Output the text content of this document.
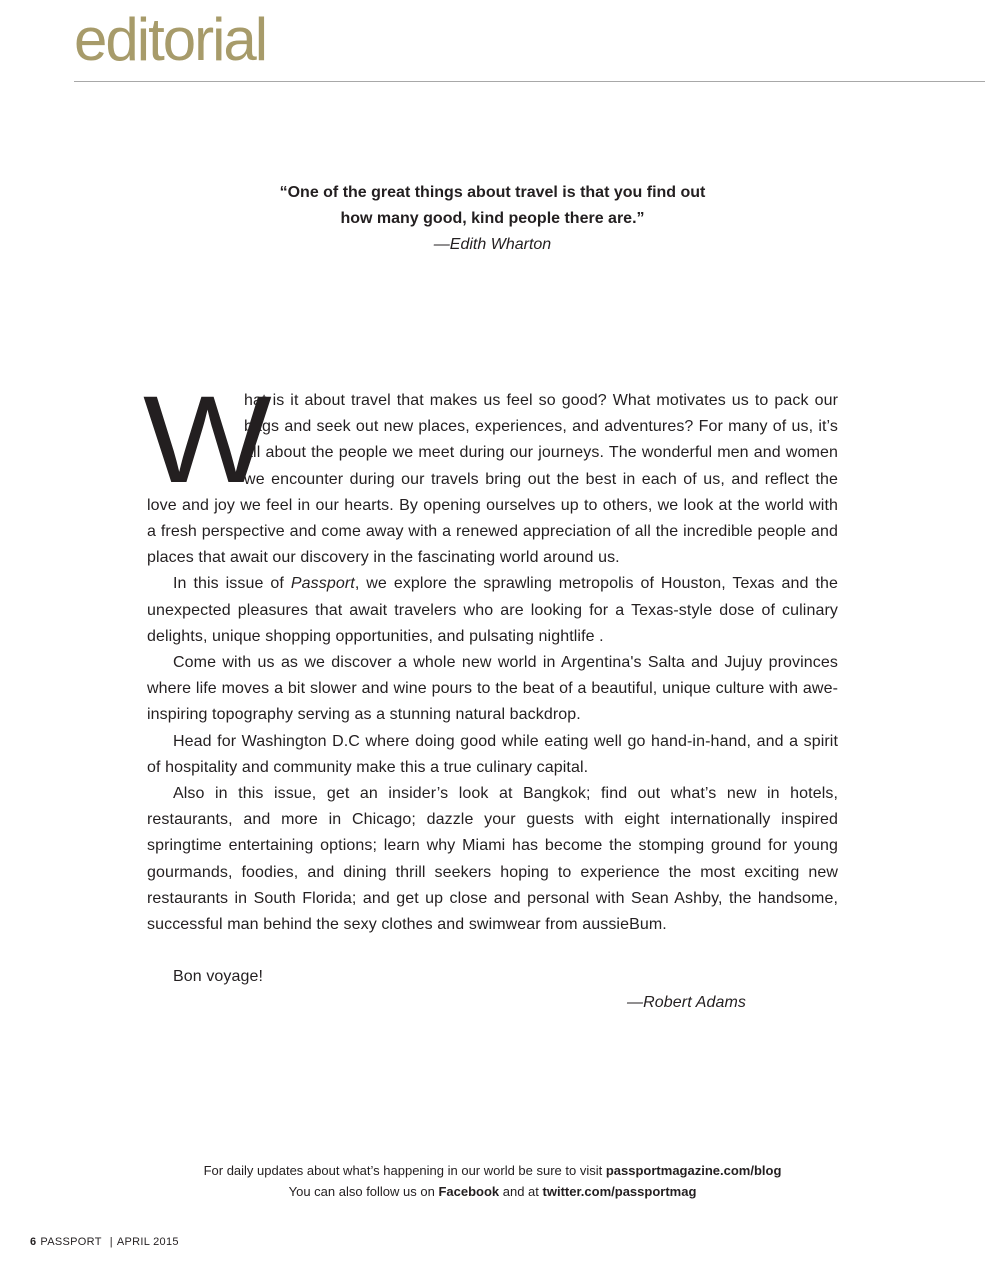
editorial
“One of the great things about travel is that you find out
how many good, kind people there are.”
—Edith Wharton

W
hat is it about travel that makes us feel so good? What motivates us to pack our bags and seek out new places, experiences, and adventures? For many of us, it’s all about the people we meet during our journeys. The wonderful men and women we encounter during our travels bring out the best in each of us, and reflect the love and joy we feel in our hearts. By opening ourselves up to others, we look at the world with a fresh perspective and come away with a renewed appreciation of all the incredible people and places that await our discovery in the fascinating world around us.

In this issue of Passport, we explore the sprawling metropolis of Houston, Texas and the unexpected pleasures that await travelers who are looking for a Texas-style dose of culinary delights, unique shopping opportunities, and pulsating nightlife .

Come with us as we discover a whole new world in Argentina's Salta and Jujuy provinces where life moves a bit slower and wine pours to the beat of a beautiful, unique culture with awe-inspiring topography serving as a stunning natural backdrop.

Head for Washington D.C where doing good while eating well go hand-in-hand, and a spirit of hospitality and community make this a true culinary capital.

Also in this issue, get an insider’s look at Bangkok; find out what’s new in hotels, restaurants, and more in Chicago; dazzle your guests with eight internationally inspired springtime entertaining options; learn why Miami has become the stomping ground for young gourmands, foodies, and dining thrill seekers hoping to experience the most exciting new restaurants in South Florida; and get up close and personal with Sean Ashby, the handsome, successful man behind the sexy clothes and swimwear from aussieBum.

Bon voyage!

—Robert Adams

For daily updates about what’s happening in our world be sure to visit passportmagazine.com/blog
You can also follow us on Facebook and at twitter.com/passportmag
6 PASSPORT | APRIL 2015
